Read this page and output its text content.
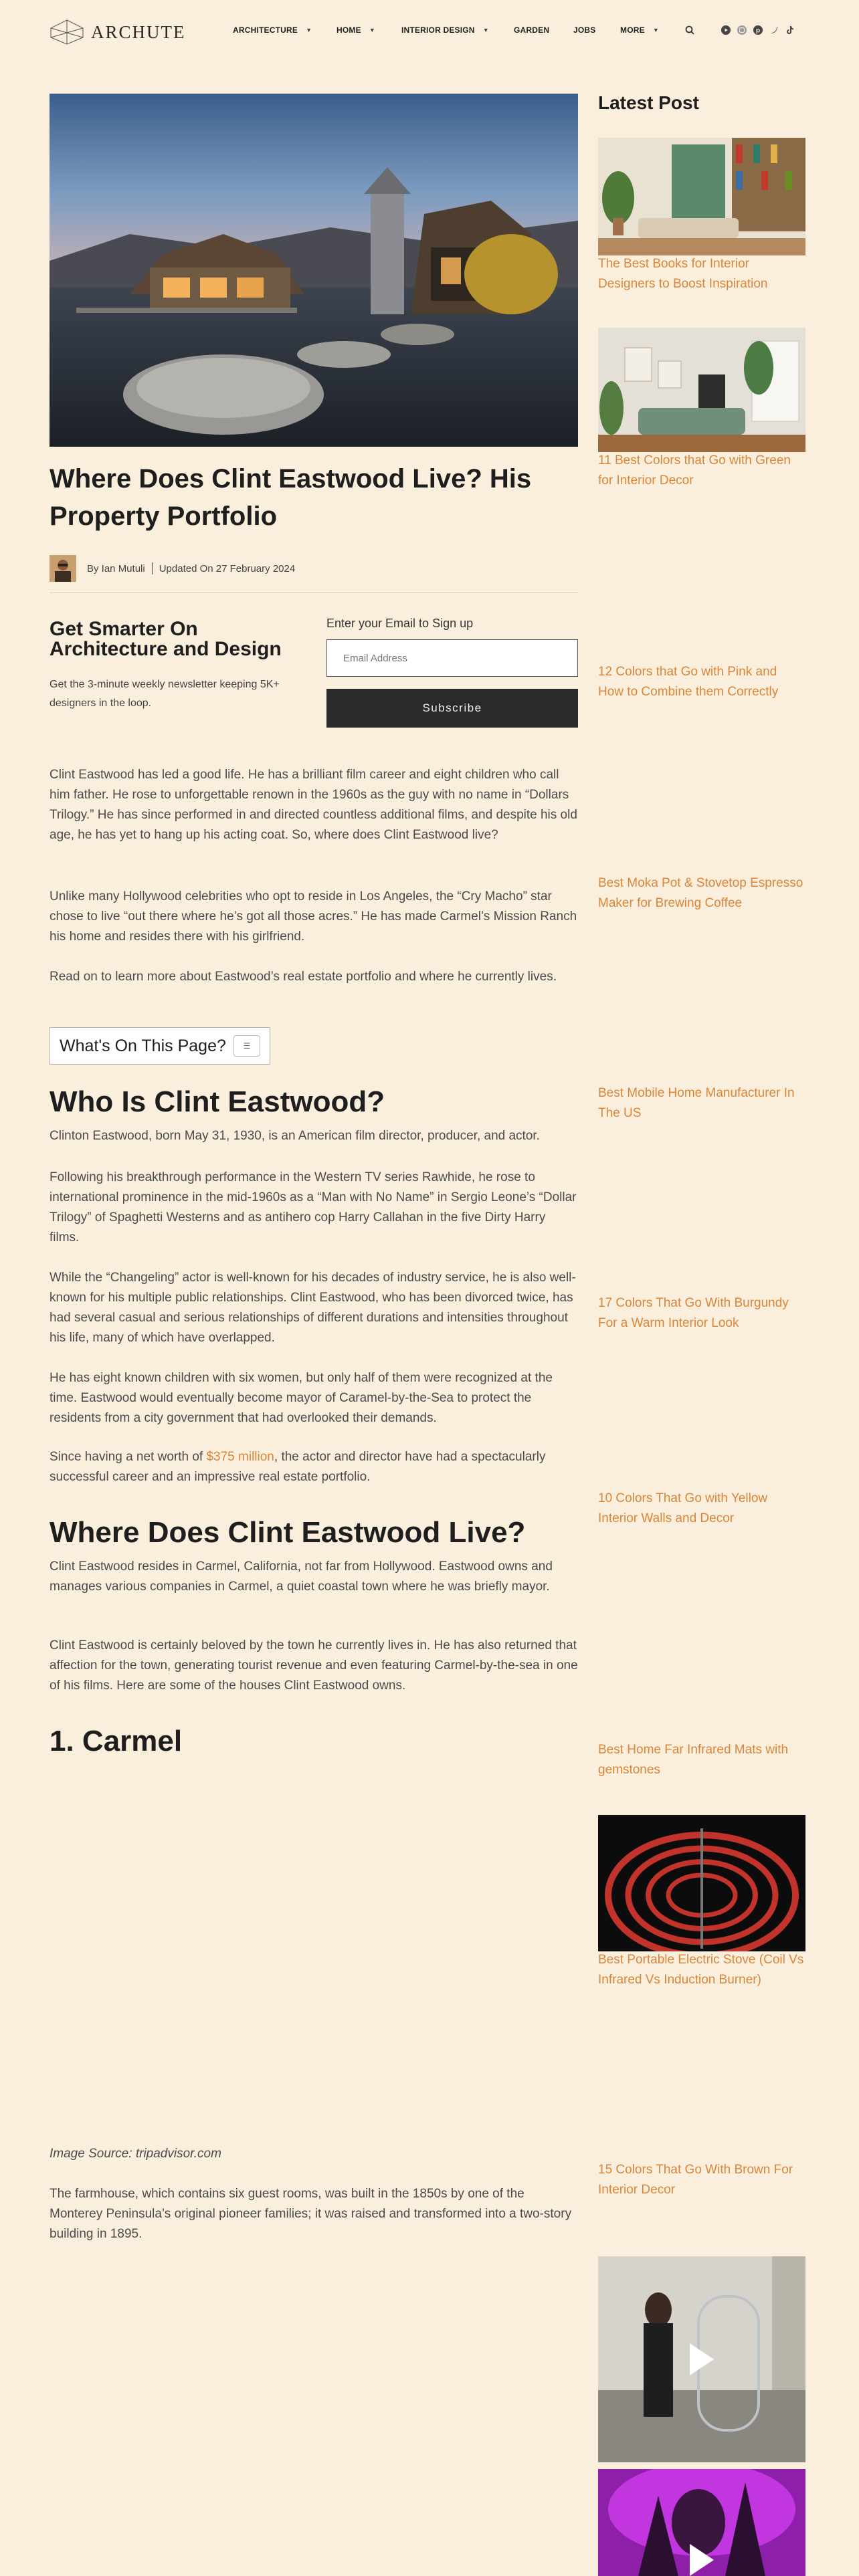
ARCHUTE	ARCHITECTURE ▼	HOME ▼	INTERIOR DESIGN ▼	GARDEN	JOBS	MORE ▼	p
Where Does Clint Eastwood Live? His Property Portfolio
By Ian Mutuli Updated On 27 February 2024
Get Smarter On Architecture and Design
Get the 3-minute weekly newsletter keeping 5K+ designers in the loop.
Enter your Email to Sign up
Email Address
Subscribe

Clint Eastwood has led a good life. He has a brilliant film career and eight children who call him father. He rose to unforgettable renown in the 1960s as the guy with no name in “Dollars Trilogy.” He has since performed in and directed countless additional films, and despite his old age, he has yet to hang up his acting coat. So, where does Clint Eastwood live?

Unlike many Hollywood celebrities who opt to reside in Los Angeles, the “Cry Macho” star chose to live “out there where he’s got all those acres.” He has made Carmel’s Mission Ranch his home and resides there with his girlfriend.

Read on to learn more about Eastwood’s real estate portfolio and where he currently lives.

What's On This Page?	☰
Who Is Clint Eastwood?

Clinton Eastwood, born May 31, 1930, is an American film director, producer, and actor.

Following his breakthrough performance in the Western TV series Rawhide, he rose to international prominence in the mid-1960s as a “Man with No Name” in Sergio Leone’s “Dollar Trilogy” of Spaghetti Westerns and as antihero cop Harry Callahan in the five Dirty Harry films.

While the “Changeling” actor is well-known for his decades of industry service, he is also well-known for his multiple public relationships. Clint Eastwood, who has been divorced twice, has had several casual and serious relationships of different durations and intensities throughout his life, many of which have overlapped.

He has eight known children with six women, but only half of them were recognized at the time. Eastwood would eventually become mayor of Caramel-by-the-Sea to protect the residents from a city government that had overlooked their demands.

Since having a net worth of $375 million, the actor and director have had a spectacularly successful career and an impressive real estate portfolio.

Where Does Clint Eastwood Live?

Clint Eastwood resides in Carmel, California, not far from Hollywood. Eastwood owns and manages various companies in Carmel, a quiet coastal town where he was briefly mayor.

Clint Eastwood is certainly beloved by the town he currently lives in. He has also returned that affection for the town, generating tourist revenue and even featuring Carmel-by-the-sea in one of his films. Here are some of the houses Clint Eastwood owns.

1. Carmel

Image Source: tripadvisor.com

The farmhouse, which contains six guest rooms, was built in the 1850s by one of the Monterey Peninsula’s original pioneer families; it was raised and transformed into a two-story building in 1895.

Latest Post
The Best Books for Interior Designers to Boost Inspiration
11 Best Colors that Go with Green for Interior Decor
12 Colors that Go with Pink and How to Combine them Correctly
Best Moka Pot & Stovetop Espresso Maker for Brewing Coffee
Best Mobile Home Manufacturer In The US
17 Colors That Go With Burgundy For a Warm Interior Look
10 Colors That Go with Yellow Interior Walls and Decor
Best Home Far Infrared Mats with gemstones
Best Portable Electric Stove (Coil Vs Infrared Vs Induction Burner)
15 Colors That Go With Brown For Interior Decor
